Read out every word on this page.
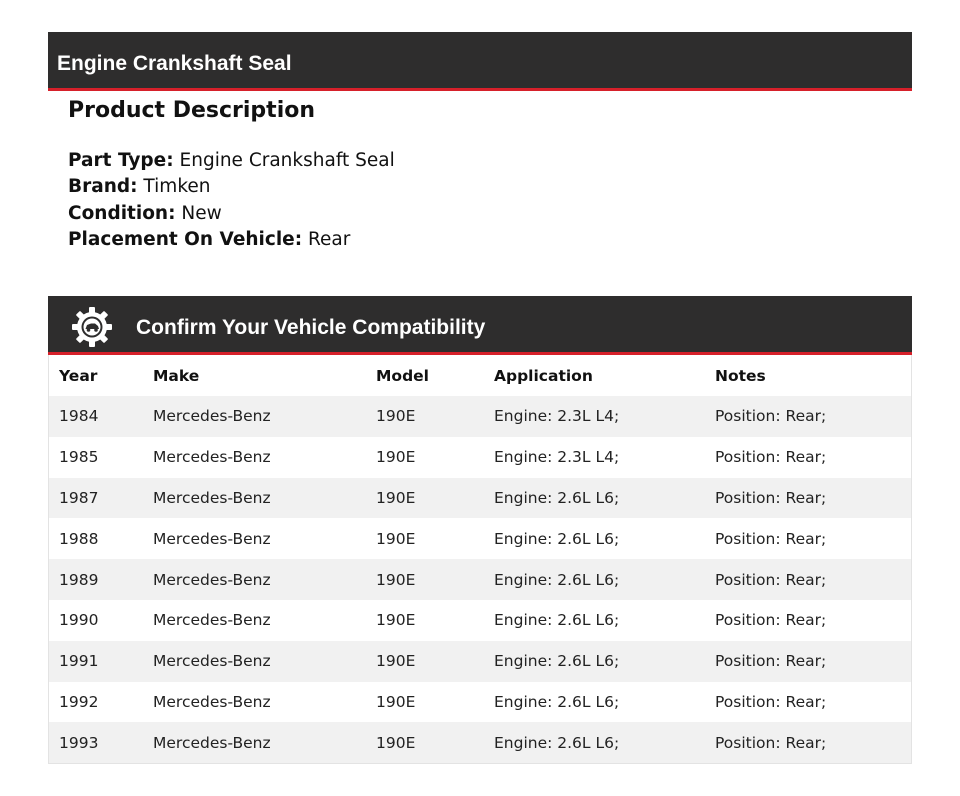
Engine Crankshaft Seal
Product Description
Part Type: Engine Crankshaft Seal
Brand: Timken
Condition: New
Placement On Vehicle: Rear
Confirm Your Vehicle Compatibility
Year	Make	Model	Application	Notes
1984	Mercedes-Benz	190E	Engine: 2.3L L4;	Position: Rear;
1985	Mercedes-Benz	190E	Engine: 2.3L L4;	Position: Rear;
1987	Mercedes-Benz	190E	Engine: 2.6L L6;	Position: Rear;
1988	Mercedes-Benz	190E	Engine: 2.6L L6;	Position: Rear;
1989	Mercedes-Benz	190E	Engine: 2.6L L6;	Position: Rear;
1990	Mercedes-Benz	190E	Engine: 2.6L L6;	Position: Rear;
1991	Mercedes-Benz	190E	Engine: 2.6L L6;	Position: Rear;
1992	Mercedes-Benz	190E	Engine: 2.6L L6;	Position: Rear;
1993	Mercedes-Benz	190E	Engine: 2.6L L6;	Position: Rear;
